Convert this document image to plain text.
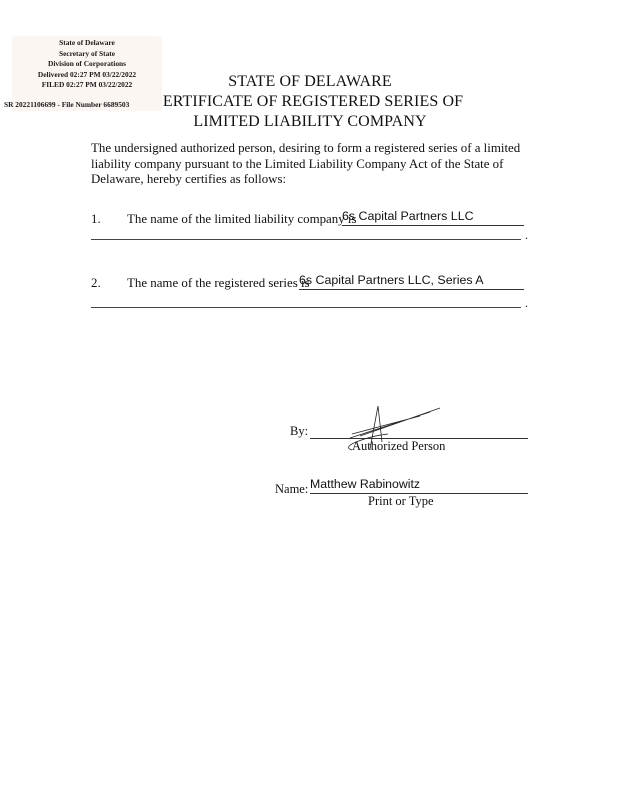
State of Delaware
Secretary of State
Division of Corporations
Delivered 02:27 PM 03/22/2022
FILED 02:27 PM 03/22/2022
SR 20221106699 - File Number 6689503
STATE OF DELAWARE
ERTIFICATE OF REGISTERED SERIES OF
LIMITED LIABILITY COMPANY
The undersigned authorized person, desiring to form a registered series of a limited
liability company pursuant to the Limited Liability Company Act of the State of
Delaware, hereby certifies as follows:
1. The name of the limited liability company is
6s Capital Partners LLC
.
2. The name of the registered series is
6s Capital Partners LLC, Series A
.
By:
Authorized Person
Name: Matthew Rabinowitz
Print or Type
